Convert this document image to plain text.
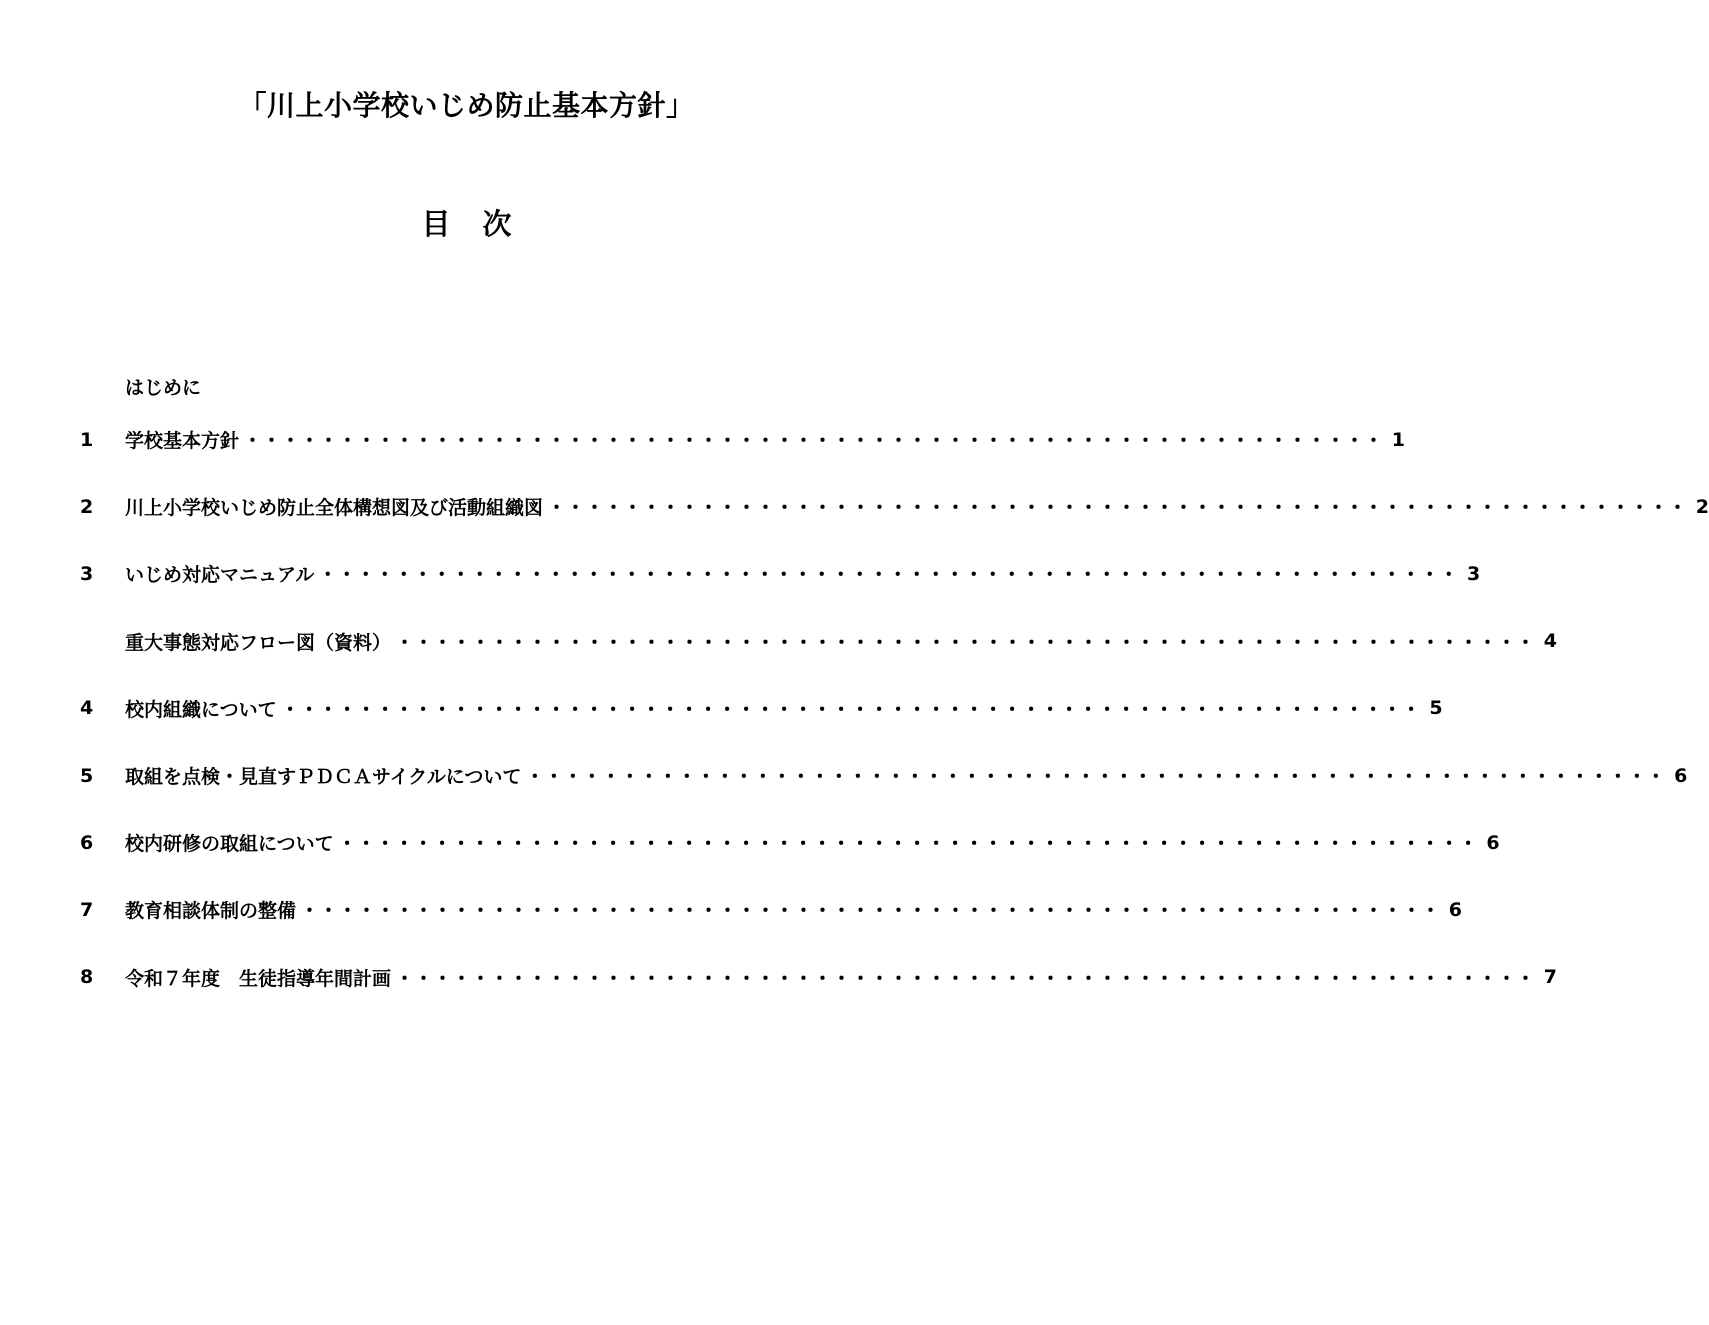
「川上小学校いじめ防止基本方針」
目 次
はじめに
1	学校基本方針 ・・・・・・・・・・・・・・・・・・・・・・・・・・・・・・・・・・・・・・・・・・・・・・・・・・・・・・・・・・・・ 1
2	川上小学校いじめ防止全体構想図及び活動組織図 ・・・・・・・・・・・・・・・・・・・・・・・・・・・・・・・・・・・・・・・・・・・・・・・・・・・・・・・・・・・・ 2
3	いじめ対応マニュアル ・・・・・・・・・・・・・・・・・・・・・・・・・・・・・・・・・・・・・・・・・・・・・・・・・・・・・・・・・・・・ 3
重大事態対応フロー図（資料） ・・・・・・・・・・・・・・・・・・・・・・・・・・・・・・・・・・・・・・・・・・・・・・・・・・・・・・・・・・・・ 4
4	校内組織について ・・・・・・・・・・・・・・・・・・・・・・・・・・・・・・・・・・・・・・・・・・・・・・・・・・・・・・・・・・・・ 5
5	取組を点検・見直すＰＤＣＡサイクルについて ・・・・・・・・・・・・・・・・・・・・・・・・・・・・・・・・・・・・・・・・・・・・・・・・・・・・・・・・・・・・ 6
6	校内研修の取組について ・・・・・・・・・・・・・・・・・・・・・・・・・・・・・・・・・・・・・・・・・・・・・・・・・・・・・・・・・・・・ 6
7	教育相談体制の整備 ・・・・・・・・・・・・・・・・・・・・・・・・・・・・・・・・・・・・・・・・・・・・・・・・・・・・・・・・・・・・ 6
8	令和７年度　生徒指導年間計画 ・・・・・・・・・・・・・・・・・・・・・・・・・・・・・・・・・・・・・・・・・・・・・・・・・・・・・・・・・・・・ 7
